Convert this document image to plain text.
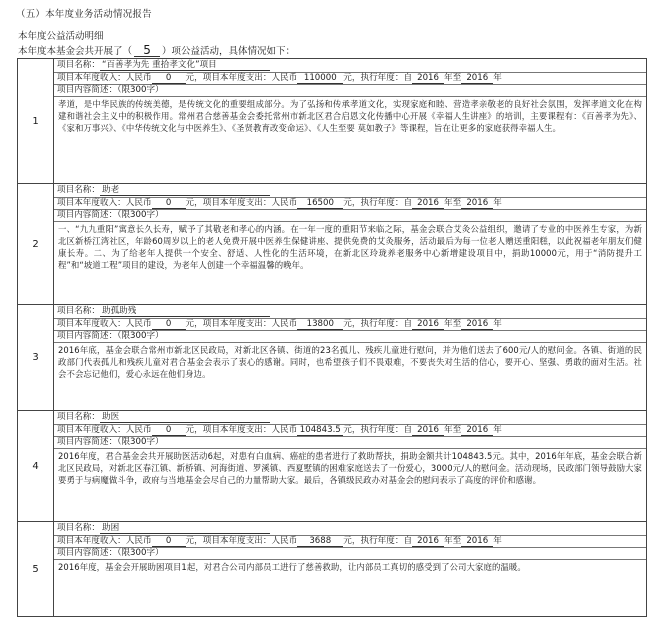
（五）本年度业务活动情况报告
本年度公益活动明细
本年度本基金会共开展了（ 5 ）项公益活动，具体情况如下：
1	项目名称： “百善孝为先 重拾孝文化”项目
项目本年度收入：人民币 0 元，项目本年度支出：人民币 110000 元，执行年度：自 2016 年至 2016 年
项目内容简述：（限300字）
孝道，是中华民族的传统美德，是传统文化的重要组成部分。为了弘扬和传承孝道文化，实现家庭和睦、营造孝亲敬老的良好社会氛围，发挥孝道文化在构建和谐社会主义中的积极作用。常州君合慈善基金会委托常州市新北区君合启恩文化传播中心开展《幸福人生讲座》的培训，主要课程有：《百善孝为先》、《家和万事兴》、《中华传统文化与中医养生》、《圣贤教育改变命运》、《人生至要 莫如教子》等课程，旨在让更多的家庭获得幸福人生。

2	项目名称： 助老
项目本年度收入：人民币 0 元，项目本年度支出：人民币 16500 元，执行年度：自 2016 年至 2016 年
项目内容简述：（限300字）
一、“九九重阳”寓意长久长寿，赋予了其敬老和孝心的内涵。在一年一度的重阳节来临之际，基金会联合艾灸公益组织，邀请了专业的中医养生专家，为新北区新桥江湾社区，年龄60周岁以上的老人免费开展中医养生保健讲座、提供免费的艾灸服务，活动最后为每一位老人赠送重阳糕，以此祝福老年朋友们健康长寿。二、为了给老年人提供一个安全、舒适、人性化的生活环境，在新北区玲珑养老服务中心新增建设项目中，捐助10000元，用于“消防提升工程”和“坡道工程”项目的建设，为老年人创建一个幸福温馨的晚年。

3	项目名称： 助孤助残
项目本年度收入：人民币 0 元，项目本年度支出：人民币 13800 元，执行年度：自 2016 年至 2016 年
项目内容简述：（限300字）
2016年底，基金会联合常州市新北区民政局，对新北区各镇、街道的23名孤儿、残疾儿童进行慰问，并为他们送去了600元/人的慰问金。各镇、街道的民政部门代表孤儿和残疾儿童对君合基金会表示了衷心的感谢。同时，也希望孩子们不畏艰难，不要丧失对生活的信心，要开心、坚强、勇敢的面对生活。社会不会忘记他们，爱心永远在他们身边。

4	项目名称： 助医
项目本年度收入：人民币 0 元，项目本年度支出：人民币 104843.5 元，执行年度：自 2016 年至 2016 年
项目内容简述：（限300字）
2016年度，君合基金会共开展助医活动6起，对患有白血病、癌症的患者进行了救助帮扶，捐助金额共计104843.5元。其中，2016年年底，基金会联合新北区民政局，对新北区春江镇、新桥镇、河海街道、罗溪镇、西夏墅镇的困难家庭送去了一份爱心，3000元/人的慰问金。活动现场，民政部门领导鼓励大家要勇于与病魔做斗争，政府与当地基金会尽自己的力量帮助大家。最后，各镇级民政办对基金会的慰问表示了高度的评价和感谢。

5	项目名称： 助困
项目本年度收入：人民币 0 元，项目本年度支出：人民币 3688 元，执行年度：自 2016 年至 2016 年
项目内容简述：（限300字）
2016年度，基金会开展助困项目1起，对君合公司内部员工进行了慈善救助，让内部员工真切的感受到了公司大家庭的温暖。
